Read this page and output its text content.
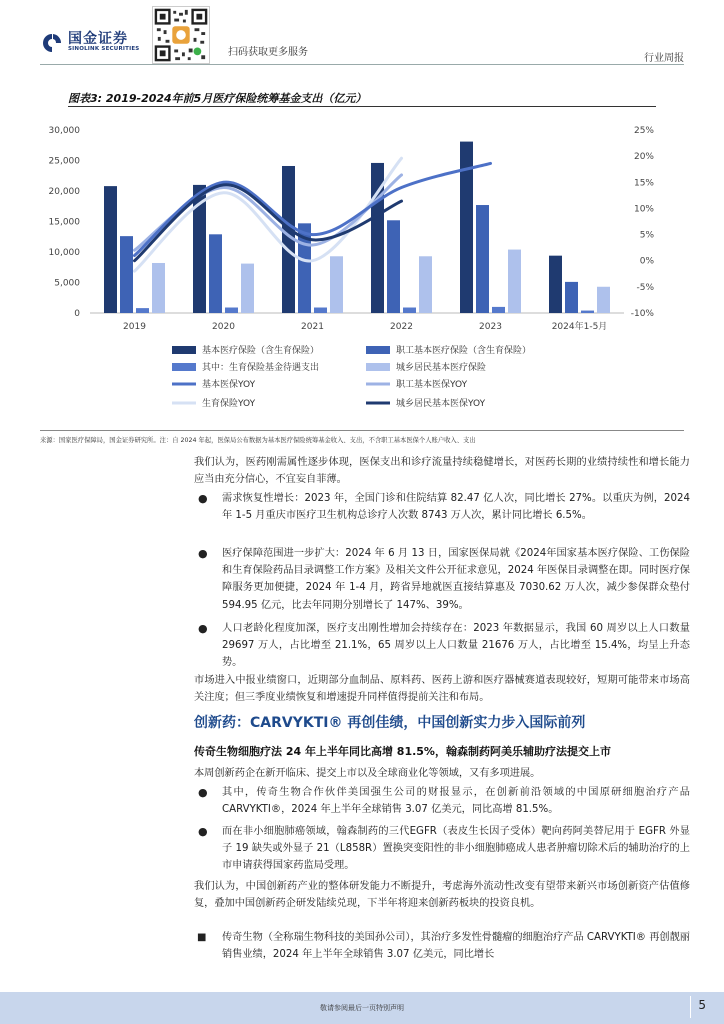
国金证券
SINOLINK SECURITIES	扫码获取更多服务
行业周报
图表3: 2019-2024年前5月医疗保险统筹基金支出（亿元）
0
5,000
10,000
15,000
20,000
25,000
30,000
-10%
-5%
0%
5%
10%
15%
20%
25%
2019	2020	2021	2022	2023	2024年1-5月
基本医疗保险（含生育保险）	职工基本医疗保险（含生育保险）
其中：生育保险基金待遇支出	城乡居民基本医疗保险
基本医保YOY	职工基本医保YOY
生育保险YOY	城乡居民基本医保YOY
来源：国家医疗保障局，国金证券研究所。注：自 2024 年起，医保局公布数据为基本医疗保险统筹基金收入、支出，不含职工基本医保个人账户收入、支出
我们认为，医药刚需属性逐步体现，医保支出和诊疗流量持续稳健增长，对医药长期的业绩持续性和增长能力应当由充分信心，不宜妄自菲薄。
● 需求恢复性增长：2023 年，全国门诊和住院结算 82.47 亿人次，同比增长 27%。以重庆为例，2024 年 1-5 月重庆市医疗卫生机构总诊疗人次数 8743 万人次，累计同比增长 6.5%。
● 医疗保障范围进一步扩大：2024 年 6 月 13 日，国家医保局就《2024年国家基本医疗保险、工伤保险和生育保险药品目录调整工作方案》及相关文件公开征求意见，2024 年医保目录调整在即。同时医疗保障服务更加便捷，2024 年 1-4 月，跨省异地就医直接结算惠及 7030.62 万人次，减少参保群众垫付 594.95 亿元，比去年同期分别增长了 147%、39%。
● 人口老龄化程度加深，医疗支出刚性增加会持续存在：2023 年数据显示，我国 60 周岁以上人口数量 29697 万人，占比增至 21.1%，65 周岁以上人口数量 21676 万人，占比增至 15.4%，均呈上升态势。
市场进入中报业绩窗口，近期部分血制品、原料药、医药上游和医疗器械赛道表现较好，短期可能带来市场高关注度；但三季度业绩恢复和增速提升同样值得提前关注和布局。
创新药：CARVYKTI® 再创佳绩，中国创新实力步入国际前列
传奇生物细胞疗法 24 年上半年同比高增 81.5%，翰森制药阿美乐辅助疗法提交上市
本周创新药企在新开临床、提交上市以及全球商业化等领域，又有多项进展。
● 其中，传奇生物合作伙伴美国强生公司的财报显示，在创新前沿领域的中国原研细胞治疗产品 CARVYKTI®，2024 年上半年全球销售 3.07 亿美元，同比高增 81.5%。
● 而在非小细胞肺癌领域，翰森制药的三代EGFR（表皮生长因子受体）靶向药阿美替尼用于 EGFR 外显子 19 缺失或外显子 21（L858R）置换突变阳性的非小细胞肺癌成人患者肿瘤切除术后的辅助治疗的上市申请获得国家药监局受理。
我们认为，中国创新药产业的整体研发能力不断提升，考虑海外流动性改变有望带来新兴市场创新资产估值修复，叠加中国创新药企研发陆续兑现，下半年将迎来创新药板块的投资良机。
■ 传奇生物（全称瑞生物科技的美国孙公司），其治疗多发性骨髓瘤的细胞治疗产品 CARVYKTI® 再创靓丽销售业绩，2024 年上半年全球销售 3.07 亿美元，同比增长
敬请参阅最后一页特别声明	5
